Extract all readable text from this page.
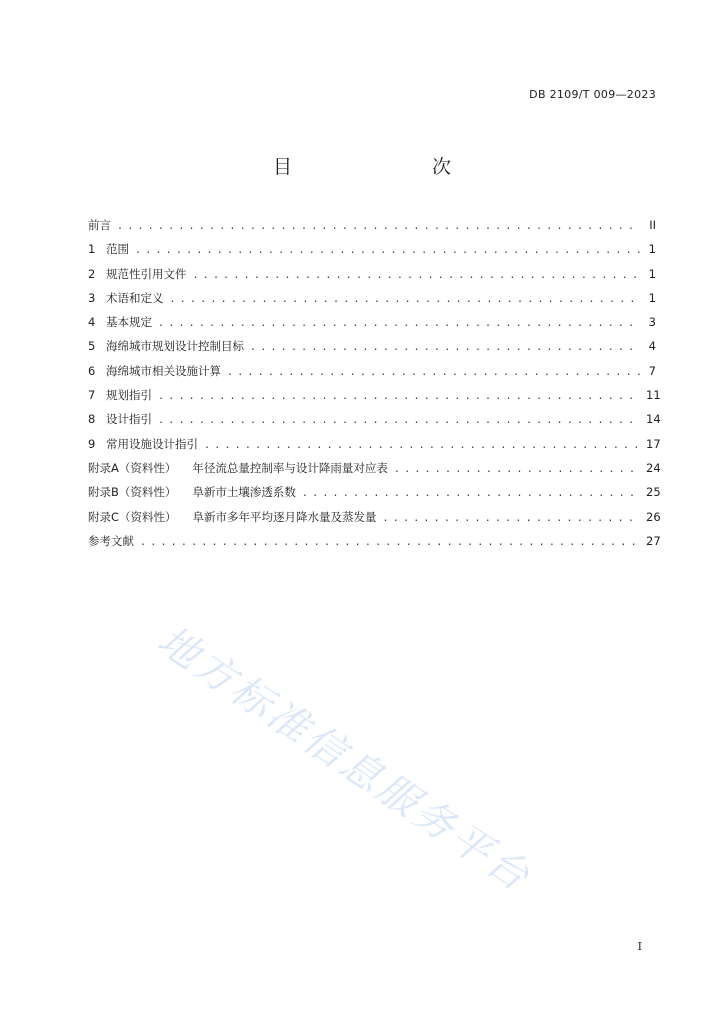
DB 2109/T 009—2023
目　　次
前言 .....	II
1 范围 .....	1
2 规范性引用文件 .....	1
3 术语和定义 .....	1
4 基本规定 .....	3
5 海绵城市规划设计控制目标 .....	4
6 海绵城市相关设施计算 .....	7
7 规划指引 .....	11
8 设计指引 .....	14
9 常用设施设计指引 .....	17
附录A（资料性） 年径流总量控制率与设计降雨量对应表 .....	24
附录B（资料性） 阜新市土壤渗透系数 .....	25
附录C（资料性） 阜新市多年平均逐月降水量及蒸发量 .....	26
参考文献 .....	27
地方标准信息服务平台
I
